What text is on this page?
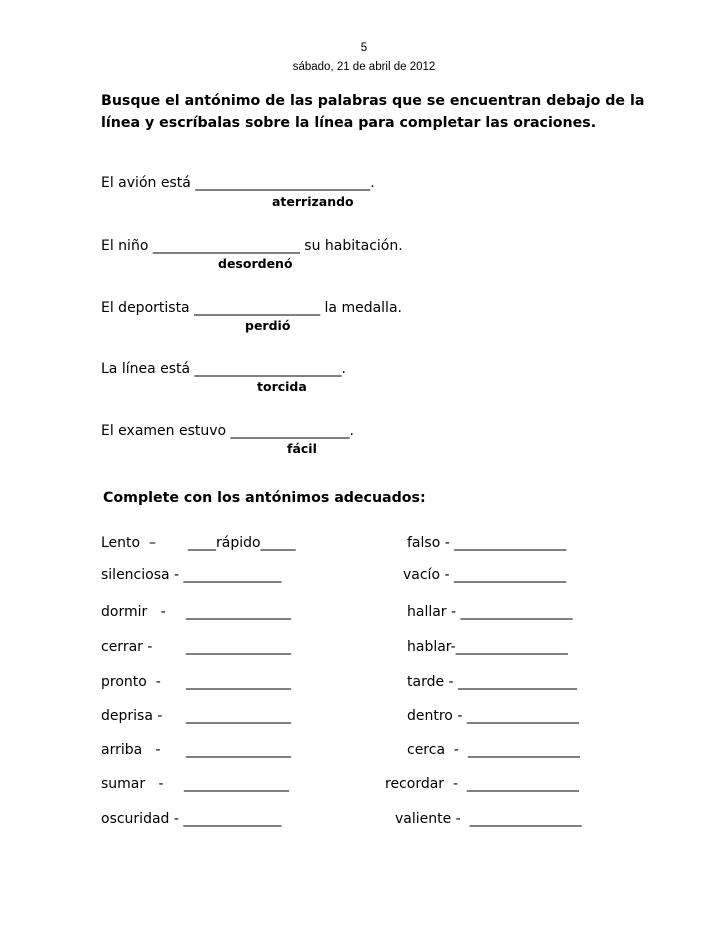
5
sábado, 21 de abril de 2012
Busque el antónimo de las palabras que se encuentran debajo de la línea y escríbalas sobre la línea para completar las oraciones.
El avión está _________________________.
aterrizando
El niño _____________________ su habitación.
desordenó
El deportista __________________ la medalla.
perdió
La línea está _____________________.
torcida
El examen estuvo _________________.
fácil
Complete con los antónimos adecuados:
Lento  – ____rápido_____
silenciosa - ______________
dormir   - _______________
cerrar - _______________
pronto  - _______________
deprisa - _______________
arriba   - _______________
sumar   - _______________
oscuridad - ______________
falso - ________________
vacío - ________________
hallar - ________________
hablar-________________
tarde - _________________
dentro - ________________
cerca  -  ________________
recordar  -  ________________
valiente -  ________________
